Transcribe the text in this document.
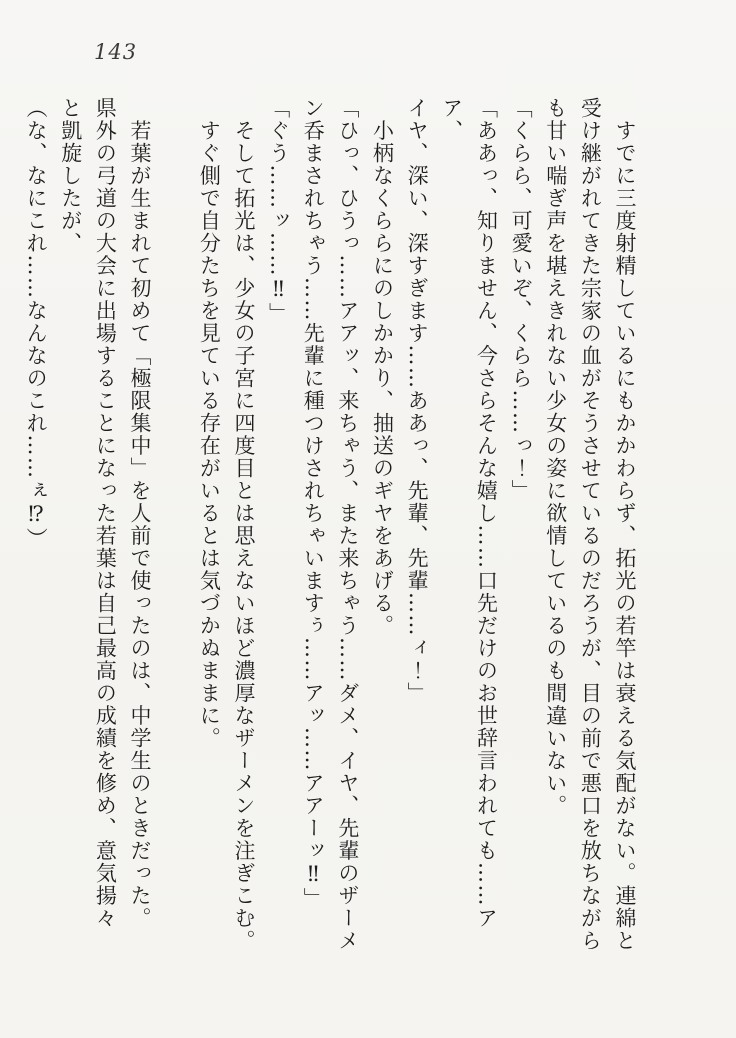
143

　すでに三度射精しているにもかかわらず、拓光の若竿は衰える気配がない。連綿と

受け継がれてきた宗家の血がそうさせているのだろうが、目の前で悪口を放ちながら

も甘い喘ぎ声を堪えきれない少女の姿に欲情しているのも間違いない。

「くらら、可愛いぞ、くらら……っ！」

「ああっ、知りません、今さらそんな嬉し……口先だけのお世辞言われても……アア、

イヤ、深い、深すぎます……ああっ、先輩、先輩……ィ！」

　小柄なくららにのしかかり、抽送のギヤをあげる。

「ひっ、ひうっ……アアッ、来ちゃう、また来ちゃう……ダメ、イヤ、先輩のザーメ

ン呑まされちゃう……先輩に種つけされちゃいますぅ……アッ……アアーッ‼」

「ぐう……ッ……‼」

　そして拓光は、少女の子宮に四度目とは思えないほど濃厚なザーメンを注ぎこむ。

　すぐ側で自分たちを見ている存在がいるとは気づかぬままに。

　若葉が生まれて初めて「極限集中」を人前で使ったのは、中学生のときだった。

県外の弓道の大会に出場することになった若葉は自己最高の成績を修め、意気揚々

と凱旋したが、

（な、なにこれ……なんなのこれ……ぇ⁉）
